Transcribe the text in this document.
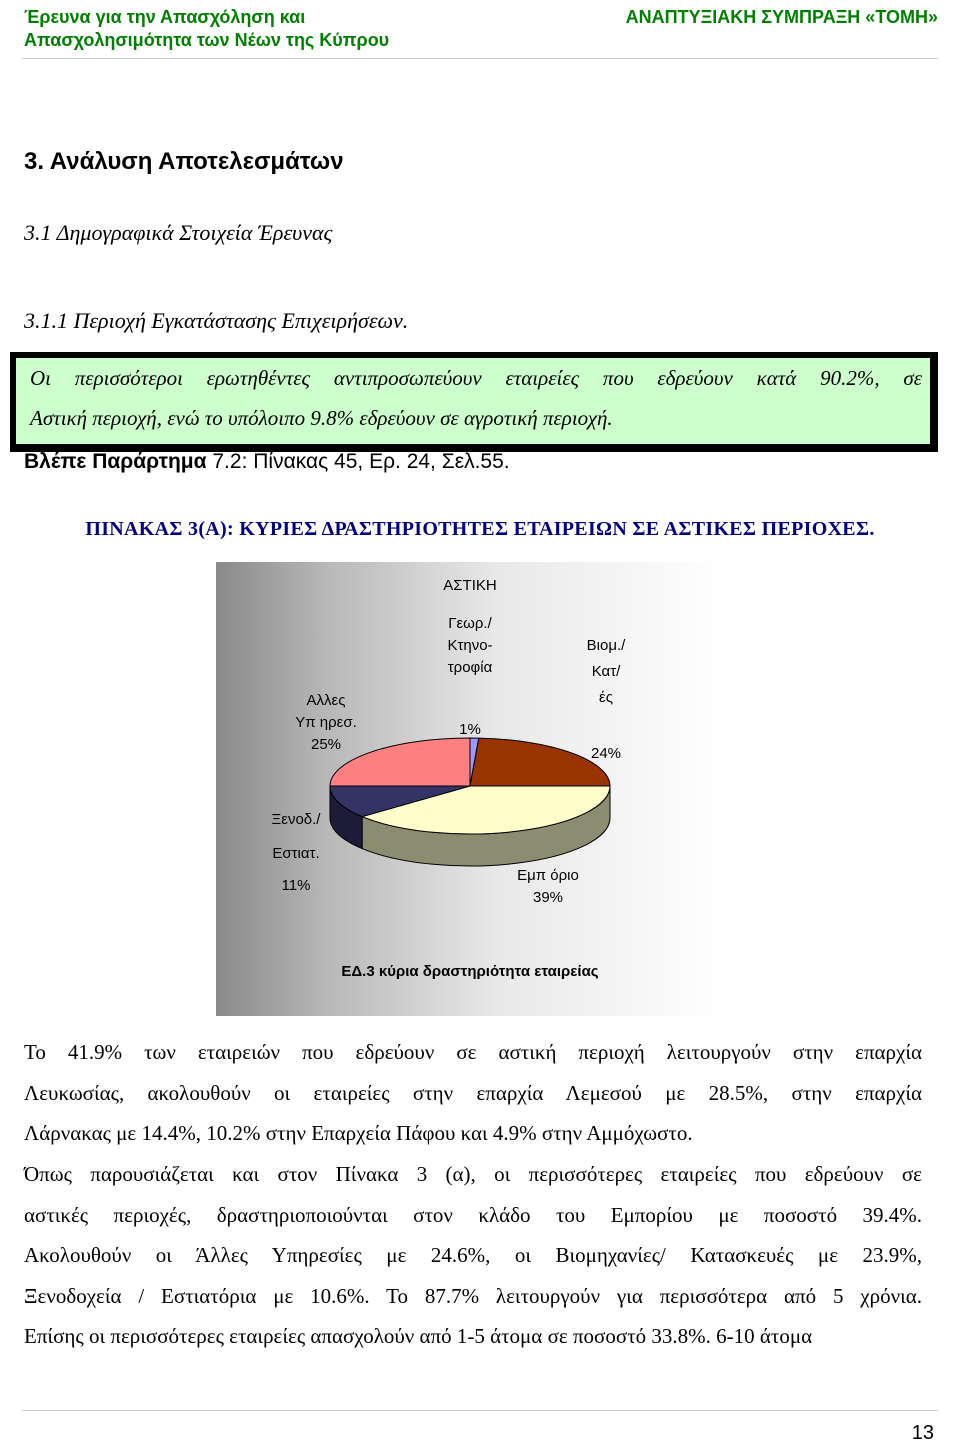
Έρευνα για την Απασχόληση και
Απασχολησιμότητα των Νέων της Κύπρου
ΑΝΑΠΤΥΞΙΑΚΗ ΣΥΜΠΡΑΞΗ «ΤΟΜΗ»
3. Ανάλυση Αποτελεσμάτων
3.1 Δημογραφικά Στοιχεία Έρευνας
3.1.1 Περιοχή Εγκατάστασης Επιχειρήσεων.

Οι περισσότεροι ερωτηθέντες αντιπροσωπεύουν εταιρείες που εδρεύουν κατά 90.2%, σε

Αστική περιοχή, ενώ το υπόλοιπο 9.8% εδρεύουν σε αγροτική περιοχή.

Βλέπε Παράρτημα 7.2: Πίνακας 45, Ερ. 24, Σελ.55.
ΠΙΝΑΚΑΣ 3(Α): ΚΥΡΙΕΣ ΔΡΑΣΤΗΡΙΟΤΗΤΕΣ ΕΤΑΙΡΕΙΩΝ ΣΕ ΑΣΤΙΚΕΣ ΠΕΡΙΟΧΕΣ.
Γεωρ./
Κτηνο-
τροφία
1%
Βιομ./
Κατ/
ές
24%
Εμπ όριο
39%
Ξενοδ./
Εστιατ.
11%
Αλλες
Υπ ηρεσ.
25%
ΑΣΤΙΚΗ
ΕΔ.3 κύρια δραστηριότητα εταιρείας

Το 41.9% των εταιρειών που εδρεύουν σε αστική περιοχή λειτουργούν στην επαρχία

Λευκωσίας, ακολουθούν οι εταιρείες στην επαρχία Λεμεσού με 28.5%, στην επαρχία

Λάρνακας με 14.4%, 10.2% στην Επαρχεία Πάφου και 4.9% στην Αμμόχωστο.

Όπως παρουσιάζεται και στον Πίνακα 3 (α), οι περισσότερες εταιρείες που εδρεύουν σε

αστικές περιοχές, δραστηριοποιούνται στον κλάδο του Εμπορίου με ποσοστό 39.4%.

Ακολουθούν οι Άλλες Υπηρεσίες με 24.6%, οι Βιομηχανίες/ Κατασκευές με 23.9%,

Ξενοδοχεία / Εστιατόρια με 10.6%. Το 87.7% λειτουργούν για περισσότερα από 5 χρόνια.

Επίσης οι περισσότερες εταιρείες απασχολούν από 1-5 άτομα σε ποσοστό 33.8%. 6-10 άτομα

13
